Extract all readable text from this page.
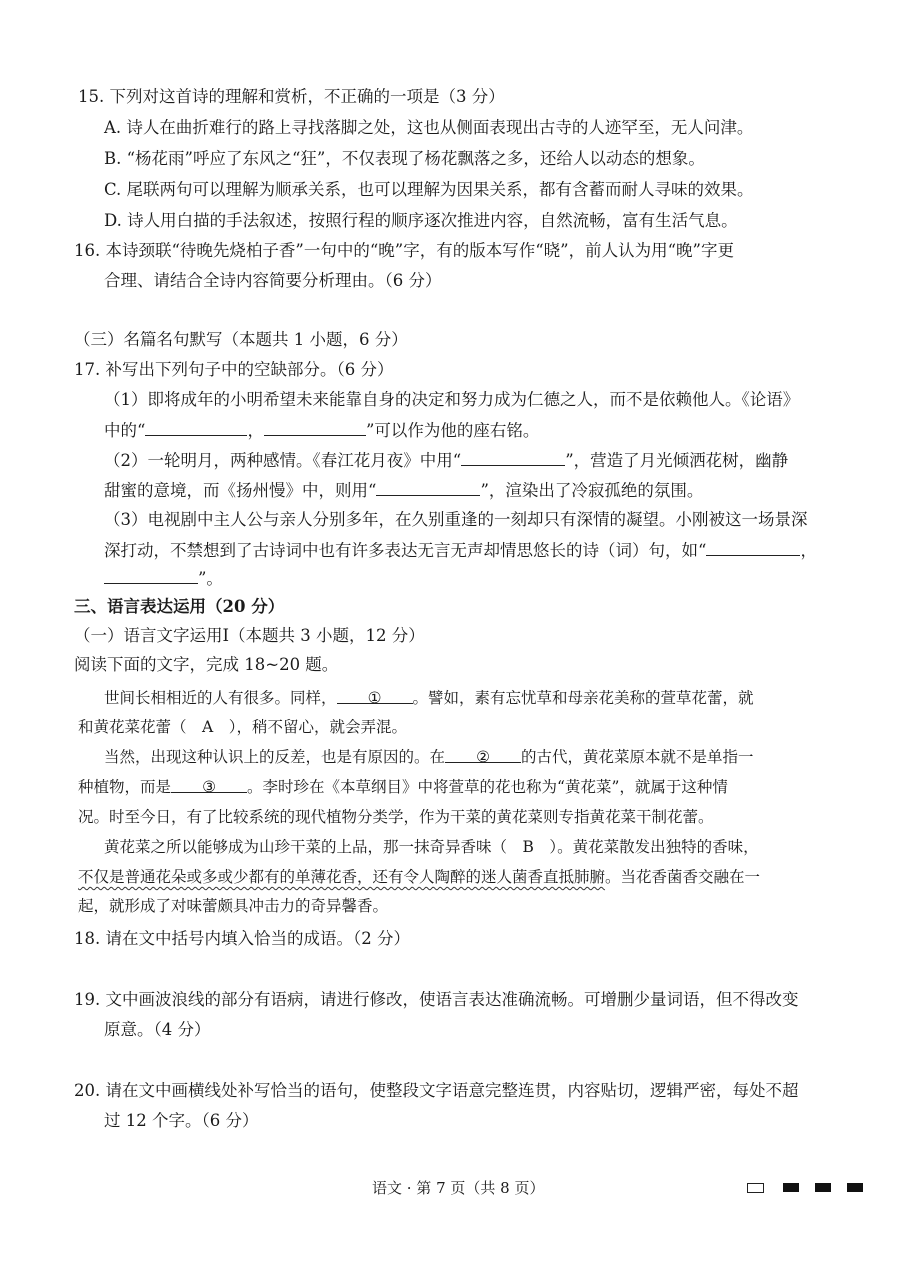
15. 下列对这首诗的理解和赏析，不正确的一项是（3 分）
A. 诗人在曲折难行的路上寻找落脚之处，这也从侧面表现出古寺的人迹罕至，无人问津。
B. “杨花雨”呼应了东风之“狂”，不仅表现了杨花飘落之多，还给人以动态的想象。
C. 尾联两句可以理解为顺承关系，也可以理解为因果关系，都有含蓄而耐人寻味的效果。
D. 诗人用白描的手法叙述，按照行程的顺序逐次推进内容，自然流畅，富有生活气息。
16. 本诗颈联“待晚先烧柏子香”一句中的“晚”字，有的版本写作“晓”，前人认为用“晚”字更
合理、请结合全诗内容简要分析理由。（6 分）
（三）名篇名句默写（本题共 1 小题，6 分）
17. 补写出下列句子中的空缺部分。（6 分）
（1）即将成年的小明希望未来能靠自身的决定和努力成为仁德之人，而不是依赖他人。《论语》
中的“	，	”可以作为他的座右铭。
（2）一轮明月，两种感情。《春江花月夜》中用“	”，营造了月光倾洒花树，幽静
甜蜜的意境，而《扬州慢》中，则用“	”，渲染出了冷寂孤绝的氛围。
（3）电视剧中主人公与亲人分别多年，在久别重逢的一刻却只有深情的凝望。小刚被这一场景深
深打动，不禁想到了古诗词中也有许多表达无言无声却情思悠长的诗（词）句，如“	，
”。
三、语言表达运用（20 分）
（一）语言文字运用Ⅰ（本题共 3 小题，12 分）
阅读下面的文字，完成 18~20 题。
世间长相相近的人有很多。同样， ① 。譬如，素有忘忧草和母亲花美称的萱草花蕾，就
和黄花菜花蕾（　A　），稍不留心，就会弄混。
当然，出现这种认识上的反差，也是有原因的。在 ② 的古代，黄花菜原本就不是单指一
种植物，而是 ③ 。李时珍在《本草纲目》中将萱草的花也称为“黄花菜”，就属于这种情
况。时至今日，有了比较系统的现代植物分类学，作为干菜的黄花菜则专指黄花菜干制花蕾。
黄花菜之所以能够成为山珍干菜的上品，那一抹奇异香味（　B　）。黄花菜散发出独特的香味，
不仅是普通花朵或多或少都有的单薄花香，还有令人陶醉的迷人菌香直抵肺腑。当花香菌香交融在一
起，就形成了对味蕾颇具冲击力的奇异馨香。
18. 请在文中括号内填入恰当的成语。（2 分）
19. 文中画波浪线的部分有语病，请进行修改，使语言表达准确流畅。可增删少量词语，但不得改变
原意。（4 分）
20. 请在文中画横线处补写恰当的语句，使整段文字语意完整连贯，内容贴切，逻辑严密，每处不超
过 12 个字。（6 分）
语文 · 第 7 页（共 8 页）
